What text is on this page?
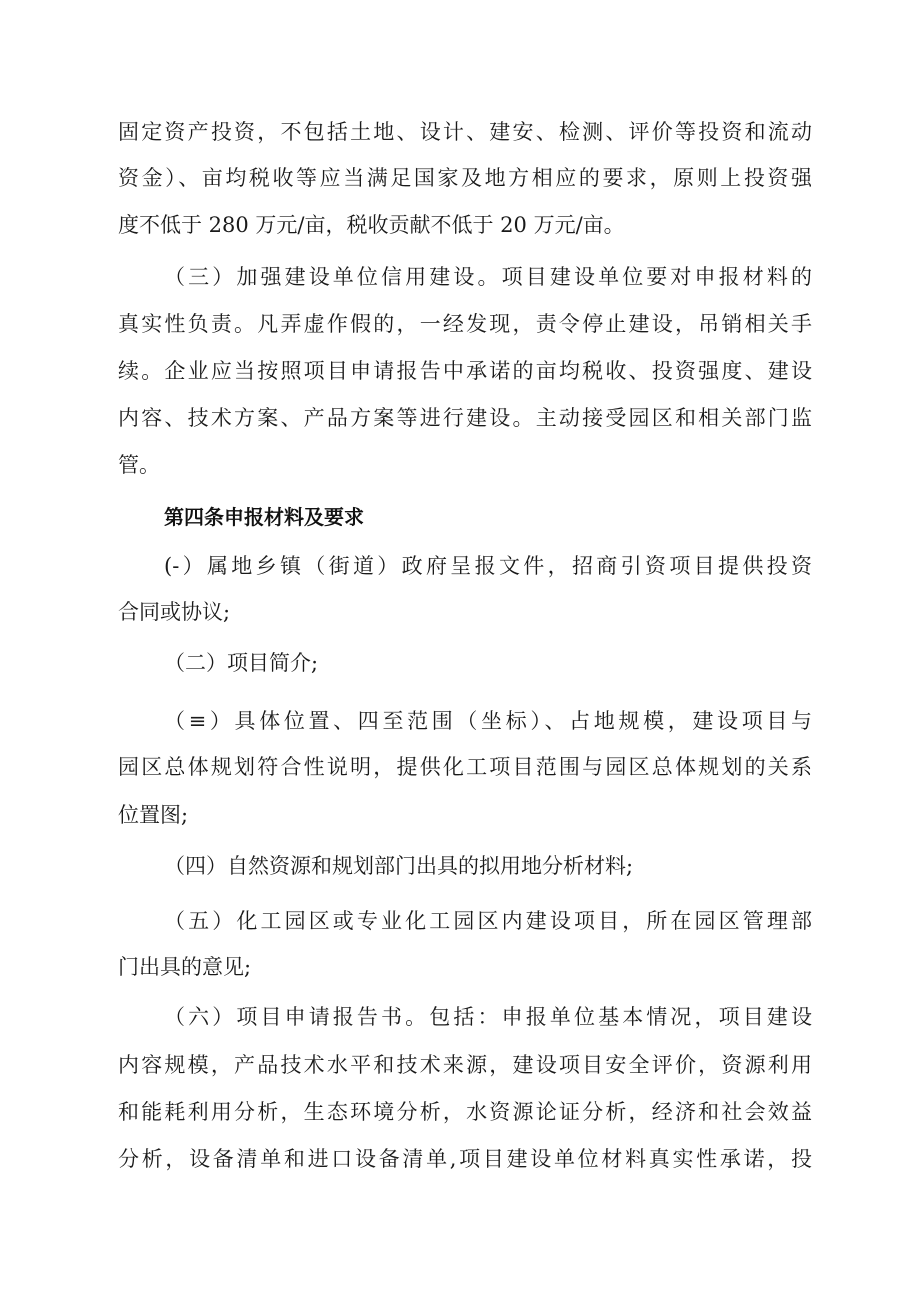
固定资产投资，不包括土地、设计、建安、检测、评价等投资和流动
资金）、亩均税收等应当满足国家及地方相应的要求，原则上投资强
度不低于 280 万元/亩，税收贡献不低于 20 万元/亩。
（三）加强建设单位信用建设。项目建设单位要对申报材料的
真实性负责。凡弄虚作假的，一经发现，责令停止建设，吊销相关手
续。企业应当按照项目申请报告中承诺的亩均税收、投资强度、建设
内容、技术方案、产品方案等进行建设。主动接受园区和相关部门监
管。
第四条申报材料及要求
(-）属地乡镇（街道）政府呈报文件，招商引资项目提供投资
合同或协议;
（二）项目简介;
（≡）具体位置、四至范围（坐标）、占地规模，建设项目与
园区总体规划符合性说明，提供化工项目范围与园区总体规划的关系
位置图;
（四）自然资源和规划部门出具的拟用地分析材料;
（五）化工园区或专业化工园区内建设项目，所在园区管理部
门出具的意见;
（六）项目申请报告书。包括：申报单位基本情况，项目建设
内容规模，产品技术水平和技术来源，建设项目安全评价，资源利用
和能耗利用分析，生态环境分析，水资源论证分析，经济和社会效益
分析，设备清单和进口设备清单,项目建设单位材料真实性承诺，投
